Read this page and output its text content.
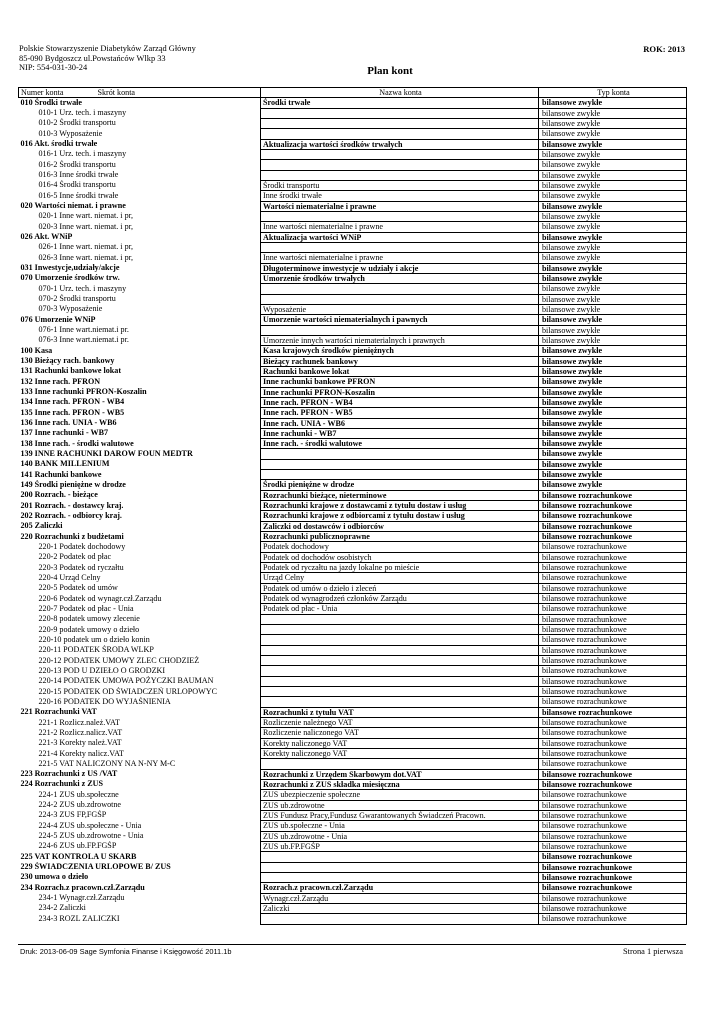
Polskie Stowarzyszenie Diabetyków Zarząd Główny
85-090 Bydgoszcz ul.Powstańców Wlkp 33
NIP: 554-031-30-24
ROK: 2013
Plan kont
Numer konta Skrót konta	Nazwa konta	Typ konta
010 Środki trwałe	Środki trwałe	bilansowe zwykłe
010-1 Urz. tech. i maszyny		bilansowe zwykłe
010-2 Środki transportu		bilansowe zwykłe
010-3 Wyposażenie		bilansowe zwykłe
016 Akt. środki trwałe	Aktualizacja wartości środków trwałych	bilansowe zwykłe
016-1 Urz. tech. i maszyny		bilansowe zwykłe
016-2 Środki transportu		bilansowe zwykłe
016-3 Inne środki trwałe		bilansowe zwykłe
016-4 Środki transportu	Środki transportu	bilansowe zwykłe
016-5 Inne środki trwałe	Inne środki trwałe	bilansowe zwykłe
020 Wartości niemat. i prawne	Wartości niematerialne i prawne	bilansowe zwykłe
020-1 Inne wart. niemat. i pr,		bilansowe zwykłe
020-3 Inne wart. niemat. i pr,	Inne wartości niematerialne i prawne	bilansowe zwykłe
026 Akt. WNiP	Aktualizacja wartości WNiP	bilansowe zwykłe
026-1 Inne wart. niemat. i pr,		bilansowe zwykłe
026-3 Inne wart. niemat. i pr,	Inne wartości niematerialne i prawne	bilansowe zwykłe
031 Inwestycje,udziały/akcje	Długoterminowe inwestycje w udziały i akcje	bilansowe zwykłe
070 Umorzenie środków trw.	Umorzenie środków trwałych	bilansowe zwykłe
070-1 Urz. tech. i maszyny		bilansowe zwykłe
070-2 Środki transportu		bilansowe zwykłe
070-3 Wyposażenie	Wyposażenie	bilansowe zwykłe
076 Umorzenie WNiP	Umorzenie wartości niematerialnych i pawnych	bilansowe zwykłe
076-1 Inne wart.niemat.i pr.		bilansowe zwykłe
076-3 Inne wart.niemat.i pr.	Umorzenie innych wartości niematerialnych i prawnych	bilansowe zwykłe
100 Kasa	Kasa krajowych środków pieniężnych	bilansowe zwykłe
130 Bieżący rach. bankowy	Bieżący rachunek bankowy	bilansowe zwykłe
131 Rachunki bankowe lokat	Rachunki bankowe lokat	bilansowe zwykłe
132 Inne rach. PFRON	Inne rachunki bankowe PFRON	bilansowe zwykłe
133 Inne rachunki PFRON-Koszalin	Inne rachunki PFRON-Koszalin	bilansowe zwykłe
134 Inne rach. PFRON - WB4	Inne rach. PFRON - WB4	bilansowe zwykłe
135 Inne rach. PFRON - WB5	Inne rach. PFRON - WB5	bilansowe zwykłe
136 Inne rach. UNIA - WB6	Inne rach. UNIA - WB6	bilansowe zwykłe
137 Inne rachunki - WB7	Inne rachunki - WB7	bilansowe zwykłe
138 Inne rach. - środki walutowe	Inne rach. - środki walutowe	bilansowe zwykłe
139 INNE RACHUNKI DAROW FOUN MEDTR		bilansowe zwykłe
140 BANK MILLENIUM		bilansowe zwykłe
141 Rachunki bankowe		bilansowe zwykłe
149 Środki pieniężne w drodze	Środki pieniężne w drodze	bilansowe zwykłe
200 Rozrach. - bieżące	Rozrachunki bieżące, nieterminowe	bilansowe rozrachunkowe
201 Rozrach. - dostawcy kraj.	Rozrachunki krajowe z dostawcami z tytułu dostaw i usług	bilansowe rozrachunkowe
202 Rozrach. - odbiorcy kraj.	Rozrachunki krajowe z odbiorcami z tytułu dostaw i usług	bilansowe rozrachunkowe
205 Zaliczki	Zaliczki od dostawców i odbiorców	bilansowe rozrachunkowe
220 Rozrachunki z budżetami	Rozrachunki publicznoprawne	bilansowe rozrachunkowe
220-1 Podatek dochodowy	Podatek dochodowy	bilansowe rozrachunkowe
220-2 Podatek od płac	Podatek od dochodów osobistych	bilansowe rozrachunkowe
220-3 Podatek od ryczałtu	Podatek od ryczałtu na jazdy lokalne po mieście	bilansowe rozrachunkowe
220-4 Urząd Celny	Urząd Celny	bilansowe rozrachunkowe
220-5 Podatek od umów	Podatek od umów o dzieło i zleceń	bilansowe rozrachunkowe
220-6 Podatek od wynagr.czł.Zarządu	Podatek od wynagrodzeń członków Zarządu	bilansowe rozrachunkowe
220-7 Podatek od płac - Unia	Podatek od płac - Unia	bilansowe rozrachunkowe
220-8 podatek umowy zlecenie		bilansowe rozrachunkowe
220-9 podatek umowy o dzieło		bilansowe rozrachunkowe
220-10 podatek um o dzieło konin		bilansowe rozrachunkowe
220-11 PODATEK ŚRODA WLKP		bilansowe rozrachunkowe
220-12 PODATEK UMOWY ZLEC CHODZIEŻ		bilansowe rozrachunkowe
220-13 POD U DZIEŁO O GRODZKI		bilansowe rozrachunkowe
220-14 PODATEK UMOWA POŻYCZKI BAUMAN		bilansowe rozrachunkowe
220-15 PODATEK OD ŚWIADCZEŃ URLOPOWYC		bilansowe rozrachunkowe
220-16 PODATEK DO WYJAŚNIENIA		bilansowe rozrachunkowe
221 Rozrachunki VAT	Rozrachunki z tytułu VAT	bilansowe rozrachunkowe
221-1 Rozlicz.należ.VAT	Rozliczenie należnego VAT	bilansowe rozrachunkowe
221-2 Rozlicz.nalicz.VAT	Rozliczenie naliczonego VAT	bilansowe rozrachunkowe
221-3 Korekty należ.VAT	Korekty naliczonego VAT	bilansowe rozrachunkowe
221-4 Korekty nalicz.VAT	Korekty naliczonego VAT	bilansowe rozrachunkowe
221-5 VAT NALICZONY NA N-NY M-C		bilansowe rozrachunkowe
223 Rozrachunki z US /VAT	Rozrachunki z Urzędem Skarbowym dot.VAT	bilansowe rozrachunkowe
224 Rozrachunki z ZUS	Rozrachunki z ZUS składka miesięczna	bilansowe rozrachunkowe
224-1 ZUS ub.społeczne	ZUS ubezpieczenie społeczne	bilansowe rozrachunkowe
224-2 ZUS ub.zdrowotne	ZUS ub.zdrowotne	bilansowe rozrachunkowe
224-3 ZUS FP,FGŚP	ZUS Fundusz Pracy,Fundusz Gwarantowanych Świadczeń Pracown.	bilansowe rozrachunkowe
224-4 ZUS ub.społeczne - Unia	ZUS ub.społeczne - Unia	bilansowe rozrachunkowe
224-5 ZUS ub.zdrowotne - Unia	ZUS ub.zdrowotne - Unia	bilansowe rozrachunkowe
224-6 ZUS ub.FP.FGŚP	ZUS ub.FP.FGŚP	bilansowe rozrachunkowe
225 VAT KONTROLA U SKARB		bilansowe rozrachunkowe
229 ŚWIADCZENIA URLOPOWE B/ ZUS		bilansowe rozrachunkowe
230 umowa o dzieło		bilansowe rozrachunkowe
234 Rozrach.z pracown.czł.Zarządu	Rozrach.z pracown.czł.Zarządu	bilansowe rozrachunkowe
234-1 Wynagr.czł.Zarządu	Wynagr.czł.Zarządu	bilansowe rozrachunkowe
234-2 Zaliczki	Zaliczki	bilansowe rozrachunkowe
234-3 ROZL ZALICZKI		bilansowe rozrachunkowe
Druk: 2013-06-09 Sage Symfonia Finanse i Księgowość 2011.1b	Strona 1 pierwsza
